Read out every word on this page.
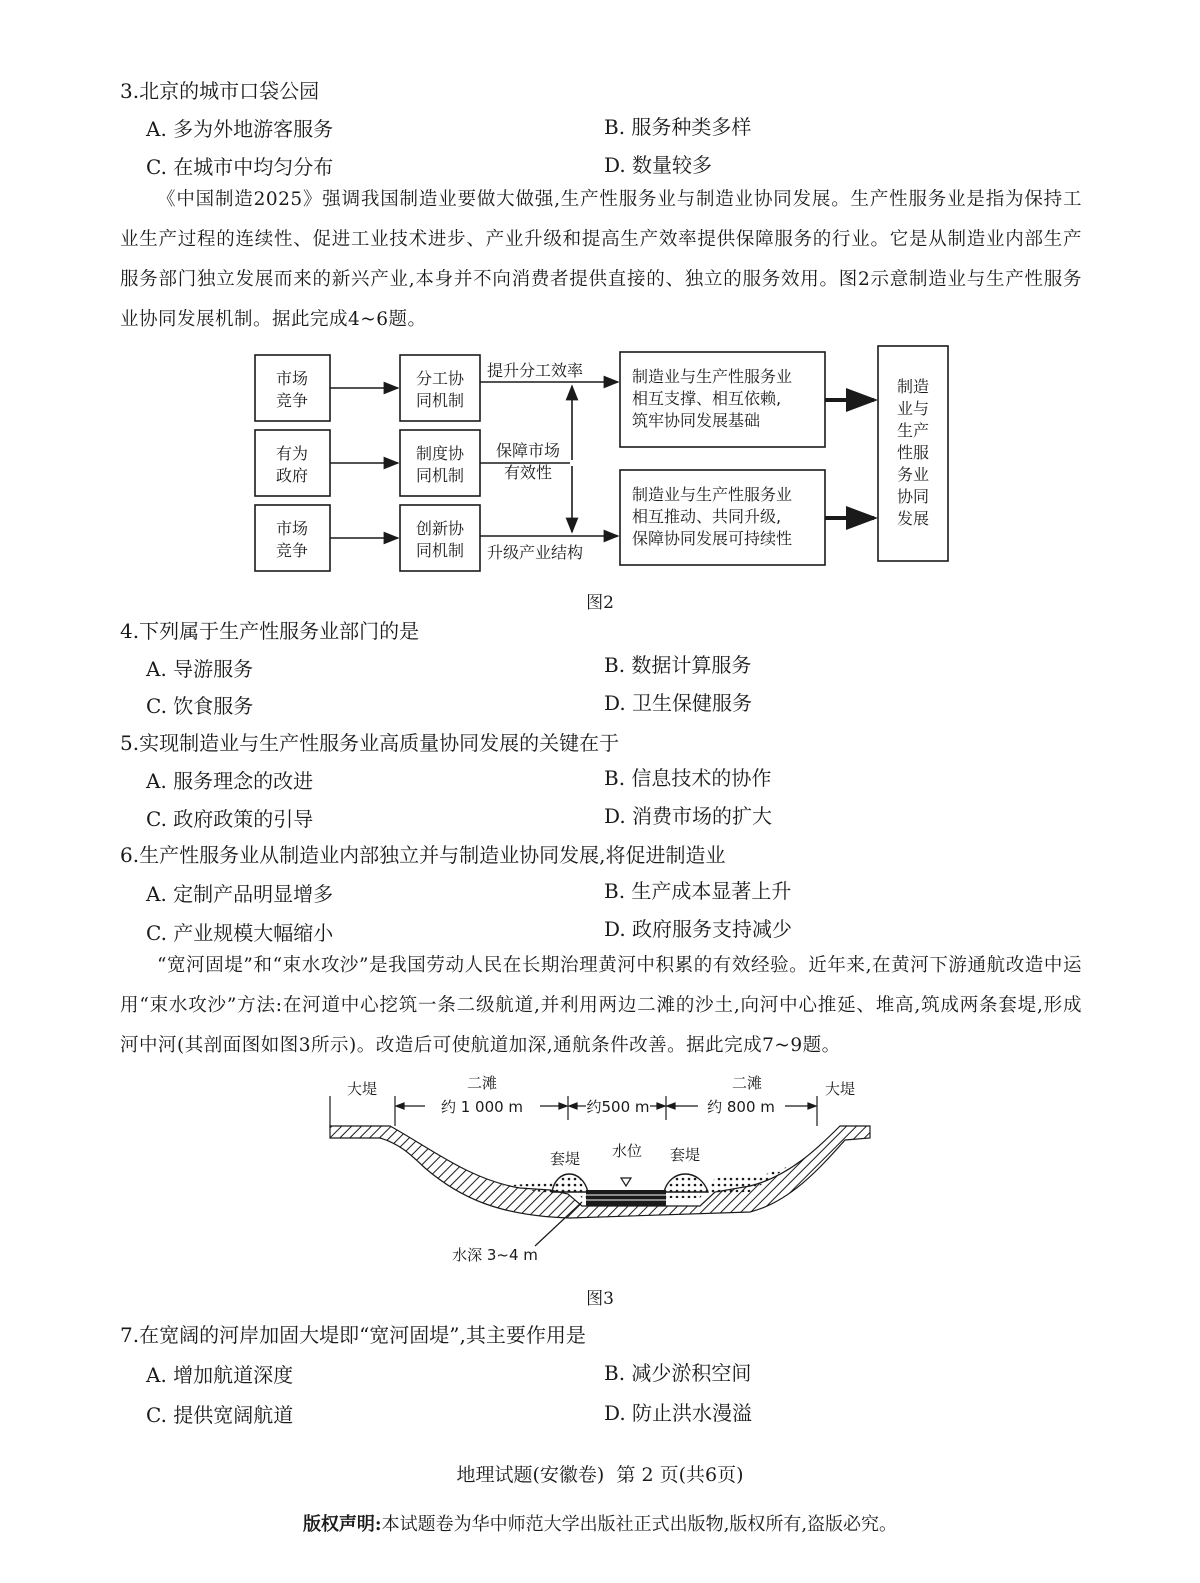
3.北京的城市口袋公园
A. 多为外地游客服务	B. 服务种类多样
C. 在城市中均匀分布	D. 数量较多

《中国制造2025》强调我国制造业要做大做强,生产性服务业与制造业协同发展。生产性服务业是指为保持工业生产过程的连续性、促进工业技术进步、产业升级和提高生产效率提供保障服务的行业。它是从制造业内部生产服务部门独立发展而来的新兴产业,本身并不向消费者提供直接的、独立的服务效用。图2示意制造业与生产性服务业协同发展机制。据此完成4~6题。

市场
竞争
有为
政府
市场
竞争
分工协
同机制
制度协
同机制
创新协
同机制
提升分工效率
保障市场
有效性
升级产业结构
制造业与生产性服务业
相互支撑、相互依赖,
筑牢协同发展基础
制造业与生产性服务业
相互推动、共同升级,
保障协同发展可持续性
制造
业与
生产
性服
务业
协同
发展
图2
4.下列属于生产性服务业部门的是
A. 导游服务	B. 数据计算服务
C. 饮食服务	D. 卫生保健服务
5.实现制造业与生产性服务业高质量协同发展的关键在于
A. 服务理念的改进	B. 信息技术的协作
C. 政府政策的引导	D. 消费市场的扩大
6.生产性服务业从制造业内部独立并与制造业协同发展,将促进制造业
A. 定制产品明显增多	B. 生产成本显著上升
C. 产业规模大幅缩小	D. 政府服务支持减少

“宽河固堤”和“束水攻沙”是我国劳动人民在长期治理黄河中积累的有效经验。近年来,在黄河下游通航改造中运用“束水攻沙”方法:在河道中心挖筑一条二级航道,并利用两边二滩的沙土,向河中心推延、堆高,筑成两条套堤,形成河中河(其剖面图如图3所示)。改造后可使航道加深,通航条件改善。据此完成7~9题。

大堤	大堤
二滩	二滩
约 1 000 m	约500 m	约 800 m
套堤 水位 套堤
水深 3~4 m
图3
7.在宽阔的河岸加固大堤即“宽河固堤”,其主要作用是
A. 增加航道深度	B. 减少淤积空间
C. 提供宽阔航道	D. 防止洪水漫溢
地理试题(安徽卷)  第 2 页(共6页)
版权声明:本试题卷为华中师范大学出版社正式出版物,版权所有,盗版必究。
